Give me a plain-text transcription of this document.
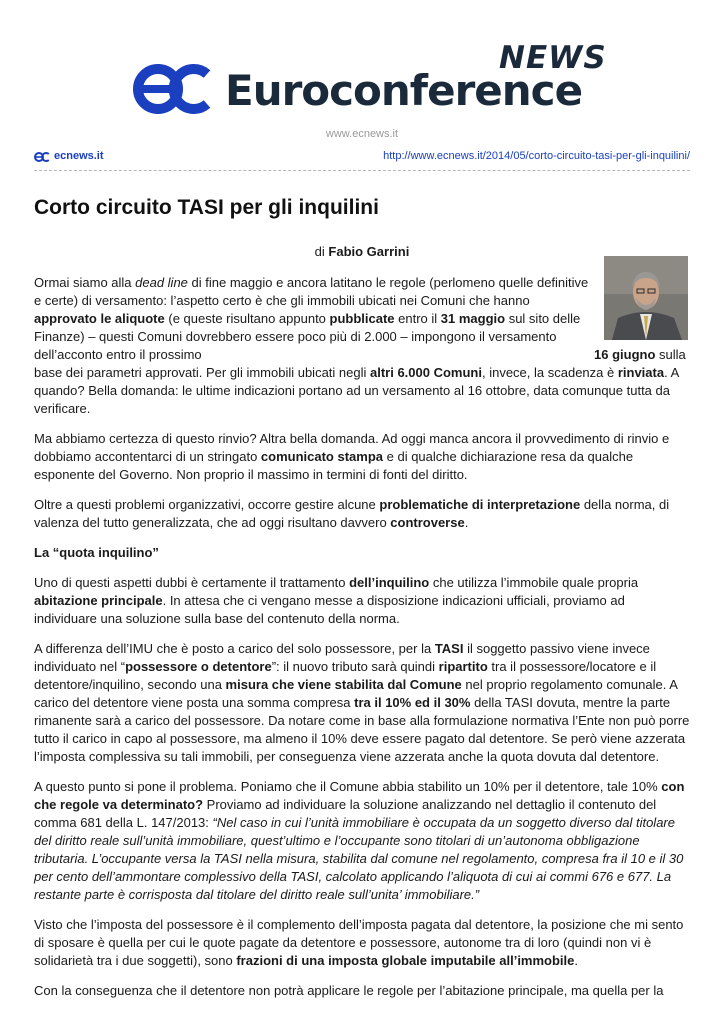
NEWS
Euroconference
www.ecnews.it
ecnews.it	http://www.ecnews.it/2014/05/corto-circuito-tasi-per-gli-inquilini/
Corto circuito TASI per gli inquilini
di Fabio Garrini

Ormai siamo alla dead line di fine maggio e ancora latitano le regole (perlomeno quelle definitive e certe) di versamento: l’aspetto certo è che gli immobili ubicati nei Comuni che hanno approvato le aliquote (e queste risultano appunto pubblicate entro il 31 maggio sul sito delle Finanze) – questi Comuni dovrebbero essere poco più di 2.000 – impongono il versamento dell’acconto entro il prossimo	16 giugno sulla base dei parametri approvati. Per gli immobili ubicati negli altri 6.000 Comuni, invece, la scadenza è rinviata. A quando? Bella domanda: le ultime indicazioni portano ad un versamento al 16 ottobre, data comunque tutta da verificare.

Ma abbiamo certezza di questo rinvio? Altra bella domanda. Ad oggi manca ancora il provvedimento di rinvio e dobbiamo accontentarci di un stringato comunicato stampa e di qualche dichiarazione resa da qualche esponente del Governo. Non proprio il massimo in termini di fonti del diritto.

Oltre a questi problemi organizzativi, occorre gestire alcune problematiche di interpretazione della norma, di valenza del tutto generalizzata, che ad oggi risultano davvero controverse.

La “quota inquilino”

Uno di questi aspetti dubbi è certamente il trattamento dell’inquilino che utilizza l’immobile quale propria abitazione principale. In attesa che ci vengano messe a disposizione indicazioni ufficiali, proviamo ad individuare una soluzione sulla base del contenuto della norma.

A differenza dell’IMU che è posto a carico del solo possessore, per la TASI il soggetto passivo viene invece individuato nel “possessore o detentore”: il nuovo tributo sarà quindi ripartito tra il possessore/locatore e il detentore/inquilino, secondo una misura che viene stabilita dal Comune nel proprio regolamento comunale. A carico del detentore viene posta una somma compresa tra il 10% ed il 30% della TASI dovuta, mentre la parte rimanente sarà a carico del possessore. Da notare come in base alla formulazione normativa l’Ente non può porre tutto il carico in capo al possessore, ma almeno il 10% deve essere pagato dal detentore. Se però viene azzerata l’imposta complessiva su tali immobili, per conseguenza viene azzerata anche la quota dovuta dal detentore.

A questo punto si pone il problema. Poniamo che il Comune abbia stabilito un 10% per il detentore, tale 10% con che regole va determinato? Proviamo ad individuare la soluzione analizzando nel dettaglio il contenuto del comma 681 della L. 147/2013: “Nel caso in cui l’unità immobiliare è occupata da un soggetto diverso dal titolare del diritto reale sull’unità immobiliare, quest’ultimo e l’occupante sono titolari di un’autonoma obbligazione tributaria. L’occupante versa la TASI nella misura, stabilita dal comune nel regolamento, compresa fra il 10 e il 30 per cento dell’ammontare complessivo della TASI, calcolato applicando l’aliquota di cui ai commi 676 e 677. La restante parte è corrisposta dal titolare del diritto reale sull’unita’ immobiliare.”

Visto che l’imposta del possessore è il complemento dell’imposta pagata dal detentore, la posizione che mi sento di sposare è quella per cui le quote pagate da detentore e possessore, autonome tra di loro (quindi non vi è solidarietà tra i due soggetti), sono frazioni di una imposta globale imputabile all’immobile.

Con la conseguenza che il detentore non potrà applicare le regole per l’abitazione principale, ma quella per la
